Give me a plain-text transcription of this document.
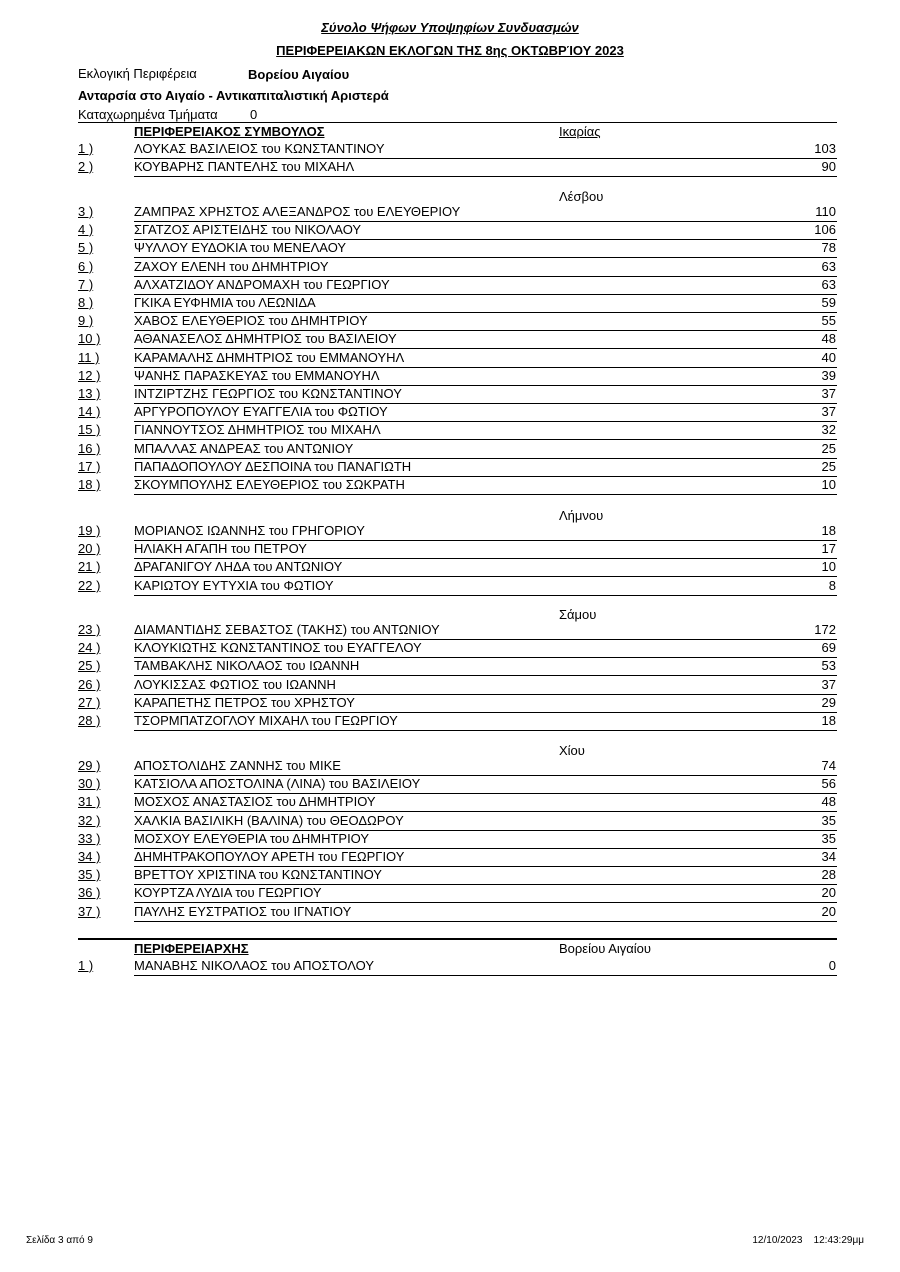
Σύνολο Ψήφων Υποψηφίων Συνδυασμών
ΠΕΡΙΦΕΡΕΙΑΚΩΝ ΕΚΛΟΓΩΝ ΤΗΣ 8ης ΟΚΤΩΒΡΊΟΥ 2023
Εκλογική Περιφέρεια	Βορείου Αιγαίου
Ανταρσία στο Αιγαίο - Αντικαπιταλιστική Αριστερά
Καταχωρημένα Τμήματα 0
ΠΕΡΙΦΕΡΕΙΑΚΟΣ ΣΥΜΒΟΥΛΟΣ	Ικαρίας
1 )	ΛΟΥΚΑΣ ΒΑΣΙΛΕΙΟΣ του ΚΩΝΣΤΑΝΤΙΝΟΥ	103
2 )	ΚΟΥΒΑΡΗΣ ΠΑΝΤΕΛΗΣ του ΜΙΧΑΗΛ	90
Λέσβου
3 )	ΖΑΜΠΡΑΣ ΧΡΗΣΤΟΣ ΑΛΕΞΑΝΔΡΟΣ του ΕΛΕΥΘΕΡΙΟΥ	110
4 )	ΣΓΑΤΖΟΣ ΑΡΙΣΤΕΙΔΗΣ του ΝΙΚΟΛΑΟΥ	106
5 )	ΨΥΛΛΟΥ ΕΥΔΟΚΙΑ του ΜΕΝΕΛΑΟΥ	78
6 )	ΖΑΧΟΥ ΕΛΕΝΗ του ΔΗΜΗΤΡΙΟΥ	63
7 )	ΑΛΧΑΤΖΙΔΟΥ ΑΝΔΡΟΜΑΧΗ του ΓΕΩΡΓΙΟΥ	63
8 )	ΓΚΙΚΑ ΕΥΦΗΜΙΑ του ΛΕΩΝΙΔΑ	59
9 )	ΧΑΒΟΣ ΕΛΕΥΘΕΡΙΟΣ του ΔΗΜΗΤΡΙΟΥ	55
10 )	ΑΘΑΝΑΣΕΛΟΣ ΔΗΜΗΤΡΙΟΣ του ΒΑΣΙΛΕΙΟΥ	48
11 )	ΚΑΡΑΜΑΛΗΣ ΔΗΜΗΤΡΙΟΣ του ΕΜΜΑΝΟΥΗΛ	40
12 )	ΨΑΝΗΣ ΠΑΡΑΣΚΕΥΑΣ του ΕΜΜΑΝΟΥΗΛ	39
13 )	ΙΝΤΖΙΡΤΖΗΣ ΓΕΩΡΓΙΟΣ του ΚΩΝΣΤΑΝΤΙΝΟΥ	37
14 )	ΑΡΓΥΡΟΠΟΥΛΟΥ ΕΥΑΓΓΕΛΙΑ του ΦΩΤΙΟΥ	37
15 )	ΓΙΑΝΝΟΥΤΣΟΣ ΔΗΜΗΤΡΙΟΣ του ΜΙΧΑΗΛ	32
16 )	ΜΠΑΛΛΑΣ ΑΝΔΡΕΑΣ του ΑΝΤΩΝΙΟΥ	25
17 )	ΠΑΠΑΔΟΠΟΥΛΟΥ ΔΕΣΠΟΙΝΑ του ΠΑΝΑΓΙΩΤΗ	25
18 )	ΣΚΟΥΜΠΟΥΛΗΣ ΕΛΕΥΘΕΡΙΟΣ του ΣΩΚΡΑΤΗ	10
Λήμνου
19 )	ΜΟΡΙΑΝΟΣ ΙΩΑΝΝΗΣ του ΓΡΗΓΟΡΙΟΥ	18
20 )	ΗΛΙΑΚΗ ΑΓΑΠΗ του ΠΕΤΡΟΥ	17
21 )	ΔΡΑΓΑΝΙΓΟΥ ΛΗΔΑ του ΑΝΤΩΝΙΟΥ	10
22 )	ΚΑΡΙΩΤΟΥ ΕΥΤΥΧΙΑ του ΦΩΤΙΟΥ	8
Σάμου
23 )	ΔΙΑΜΑΝΤΙΔΗΣ ΣΕΒΑΣΤΟΣ (ΤΑΚΗΣ) του ΑΝΤΩΝΙΟΥ	172
24 )	ΚΛΟΥΚΙΩΤΗΣ ΚΩΝΣΤΑΝΤΙΝΟΣ του ΕΥΑΓΓΕΛΟΥ	69
25 )	ΤΑΜΒΑΚΛΗΣ ΝΙΚΟΛΑΟΣ του ΙΩΑΝΝΗ	53
26 )	ΛΟΥΚΙΣΣΑΣ ΦΩΤΙΟΣ του ΙΩΑΝΝΗ	37
27 )	ΚΑΡΑΠΕΤΗΣ ΠΕΤΡΟΣ του ΧΡΗΣΤΟΥ	29
28 )	ΤΣΟΡΜΠΑΤΖΟΓΛΟΥ ΜΙΧΑΗΛ του ΓΕΩΡΓΙΟΥ	18
Χίου
29 )	ΑΠΟΣΤΟΛΙΔΗΣ ΖΑΝΝΗΣ του ΜΙΚΕ	74
30 )	ΚΑΤΣΙΟΛΑ ΑΠΟΣΤΟΛΙΝΑ (ΛΙΝΑ) του ΒΑΣΙΛΕΙΟΥ	56
31 )	ΜΟΣΧΟΣ ΑΝΑΣΤΑΣΙΟΣ του ΔΗΜΗΤΡΙΟΥ	48
32 )	ΧΑΛΚΙΑ ΒΑΣΙΛΙΚΗ (ΒΑΛΙΝΑ) του ΘΕΟΔΩΡΟΥ	35
33 )	ΜΟΣΧΟΥ ΕΛΕΥΘΕΡΙΑ του ΔΗΜΗΤΡΙΟΥ	35
34 )	ΔΗΜΗΤΡΑΚΟΠΟΥΛΟΥ ΑΡΕΤΗ του ΓΕΩΡΓΙΟΥ	34
35 )	ΒΡΕΤΤΟΥ ΧΡΙΣΤΙΝΑ του ΚΩΝΣΤΑΝΤΙΝΟΥ	28
36 )	ΚΟΥΡΤΖΑ ΛΥΔΙΑ του ΓΕΩΡΓΙΟΥ	20
37 )	ΠΑΥΛΗΣ ΕΥΣΤΡΑΤΙΟΣ του ΙΓΝΑΤΙΟΥ	20
ΠΕΡΙΦΕΡΕΙΑΡΧΗΣ	Βορείου Αιγαίου
1 )	ΜΑΝΑΒΗΣ ΝΙΚΟΛΑΟΣ του ΑΠΟΣΤΟΛΟΥ	0
Σελίδα 3 από 9	12/10/2023    12:43:29μμ
